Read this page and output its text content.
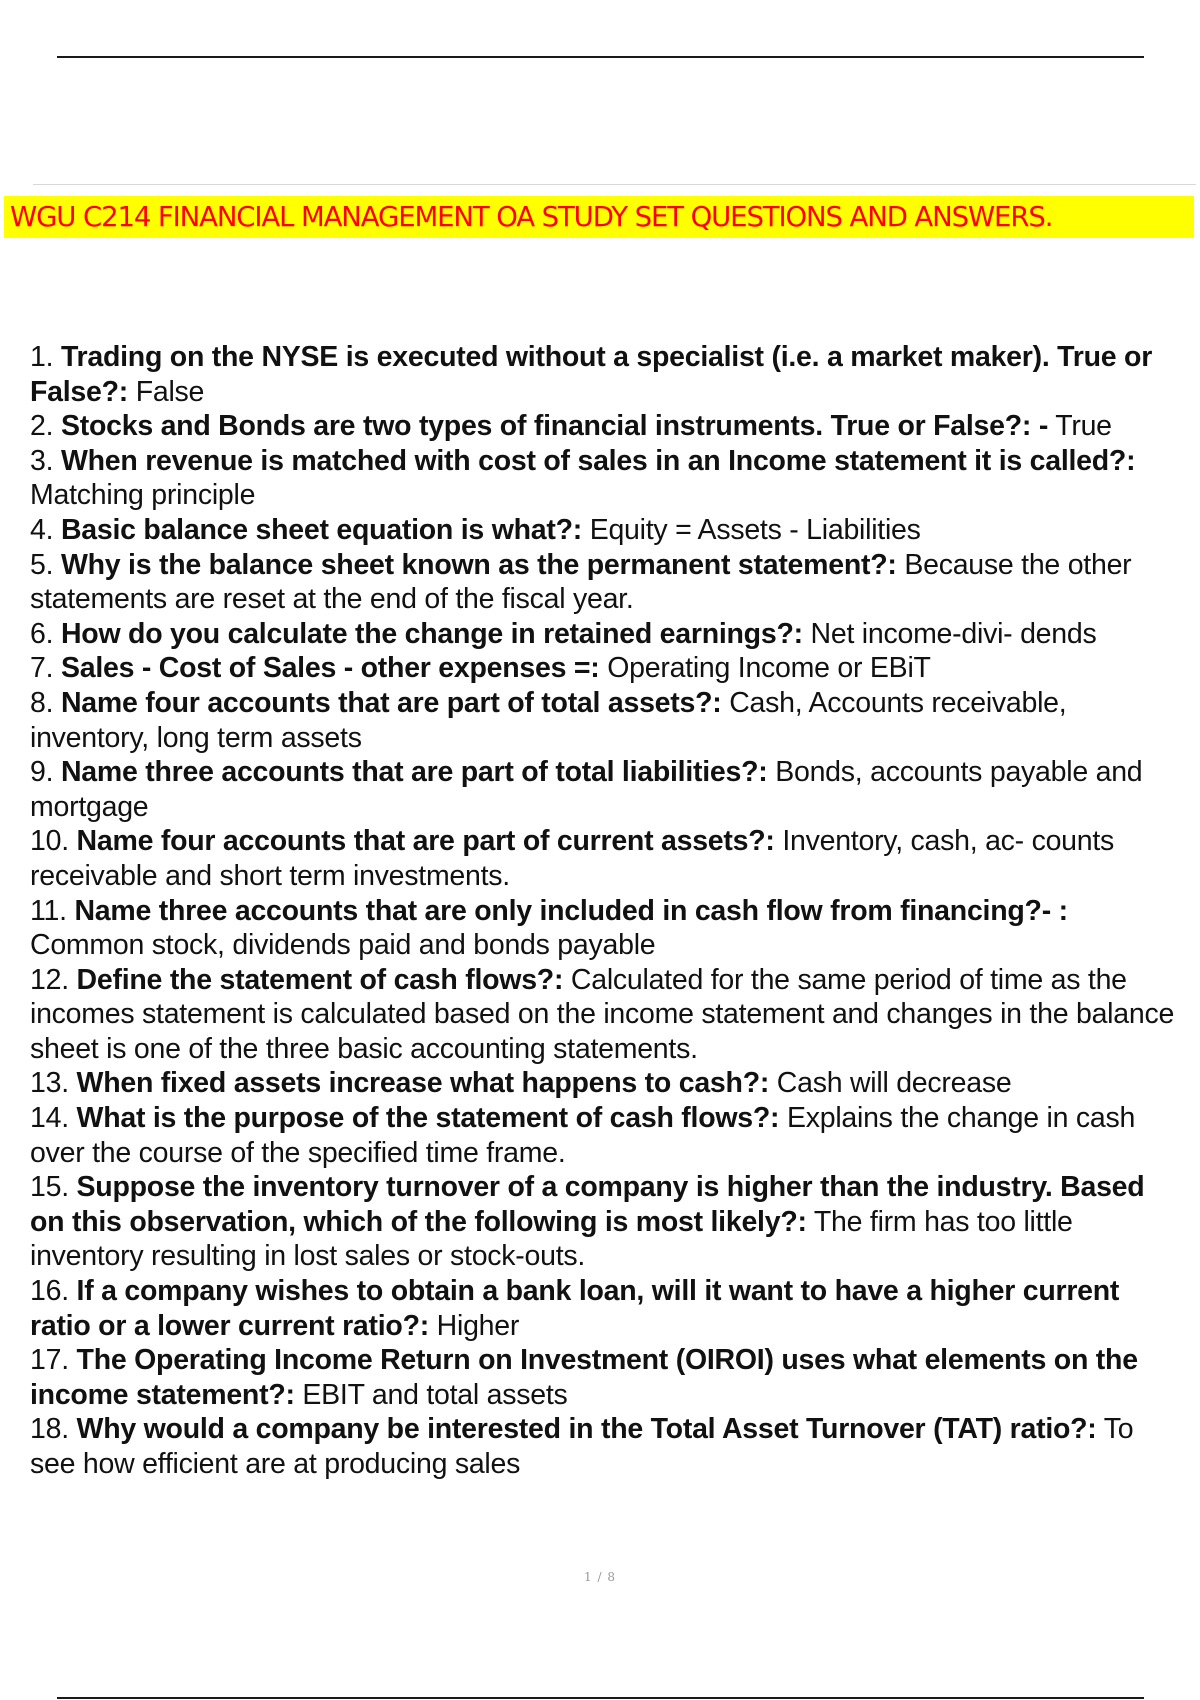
WGU C214 FINANCIAL MANAGEMENT OA STUDY SET QUESTIONS AND ANSWERS.
1. Trading on the NYSE is executed without a specialist (i.e. a market maker). True or False?: False
2. Stocks and Bonds are two types of financial instruments. True or False?: - True
3. When revenue is matched with cost of sales in an Income statement it is called?: Matching principle
4. Basic balance sheet equation is what?: Equity = Assets - Liabilities
5. Why is the balance sheet known as the permanent statement?: Because the other statements are reset at the end of the fiscal year.
6. How do you calculate the change in retained earnings?: Net income-divi- dends
7. Sales - Cost of Sales - other expenses =: Operating Income or EBiT
8. Name four accounts that are part of total assets?: Cash, Accounts receivable, inventory, long term assets
9. Name three accounts that are part of total liabilities?: Bonds, accounts payable and mortgage
10. Name four accounts that are part of current assets?: Inventory, cash, ac- counts receivable and short term investments.
11. Name three accounts that are only included in cash flow from financing?- : Common stock, dividends paid and bonds payable
12. Define the statement of cash flows?: Calculated for the same period of time as the incomes statement is calculated based on the income statement and changes in the balance sheet is one of the three basic accounting statements.
13. When fixed assets increase what happens to cash?: Cash will decrease
14. What is the purpose of the statement of cash flows?: Explains the change in cash over the course of the specified time frame.
15. Suppose the inventory turnover of a company is higher than the industry. Based on this observation, which of the following is most likely?: The firm has too little inventory resulting in lost sales or stock-outs.
16. If a company wishes to obtain a bank loan, will it want to have a higher current ratio or a lower current ratio?: Higher
17. The Operating Income Return on Investment (OIROI) uses what elements on the income statement?: EBIT and total assets
18. Why would a company be interested in the Total Asset Turnover (TAT) ratio?: To see how efficient are at producing sales
1 / 8
